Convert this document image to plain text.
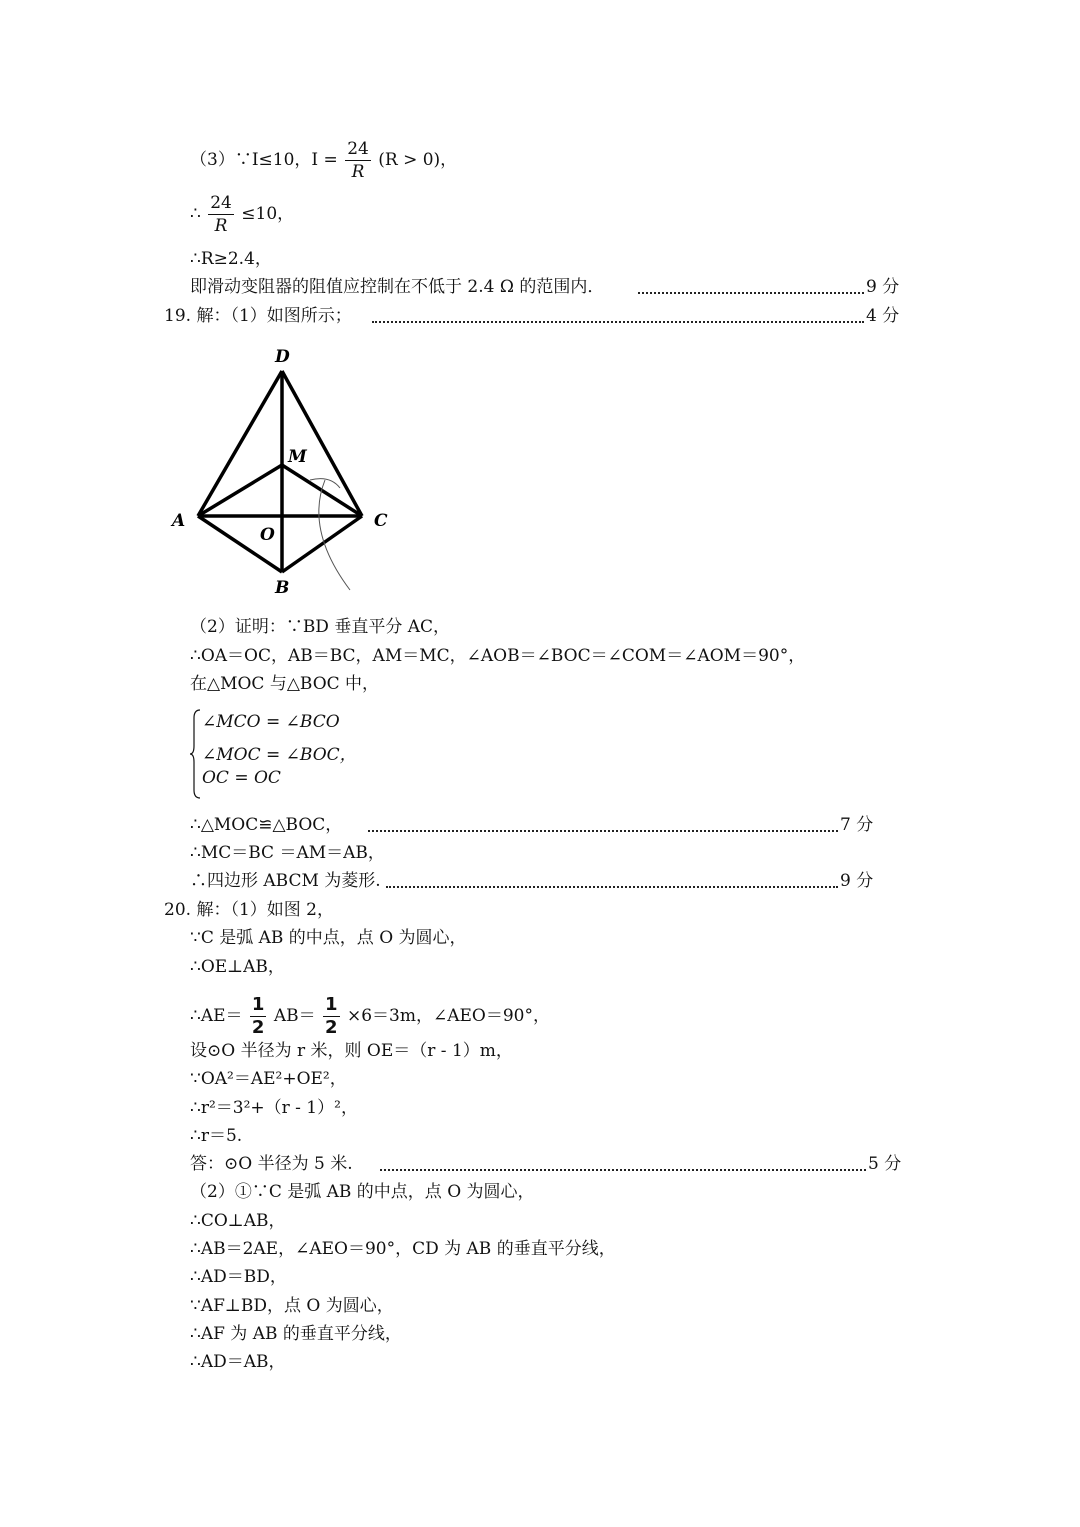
（3）∵I≤10，$I = \frac{24}{R} (R > 0)$，
∴ $\frac{24}{R} \le 10$，
∴R≥2.4，
即滑动变阻器的阻值应控制在不低于 2.4 Ω 的范围内．	9 分
19. 解：（1）如图所示；	4 分
D
M
A
O
C
B
（2）证明：∵BD 垂直平分 AC，
∴OA＝OC，AB＝BC，AM＝MC，∠AOB＝∠BOC＝∠COM＝∠AOM＝90°，
在△MOC 与△BOC 中，
∠MCO = ∠BCO
∠MOC = ∠BOC，
OC = OC
∴△MOC≌△BOC，	7 分
∴MC＝BC ＝AM＝AB，
∴四边形 ABCM 为菱形.	9 分
20. 解：（1）如图 2，
∵C 是弧 AB 的中点，点 O 为圆心，
∴OE⊥AB，
∴AE＝ $\frac{1}{2} AB= \frac{1}{2} \times 6=3m$，∠AEO＝90°，
设⊙O 半径为 r 米，则 OE＝（r - 1）m，
∵OA²＝AE²+OE²，
∴r²＝3²+（r - 1）²，
∴r＝5.
答：⊙O 半径为 5 米.	5 分
（2）①∵C 是弧 AB 的中点，点 O 为圆心，
∴CO⊥AB，
∴AB＝2AE，∠AEO＝90°，CD 为 AB 的垂直平分线，
∴AD＝BD，
∵AF⊥BD，点 O 为圆心，
∴AF 为 AB 的垂直平分线，
∴AD＝AB，
